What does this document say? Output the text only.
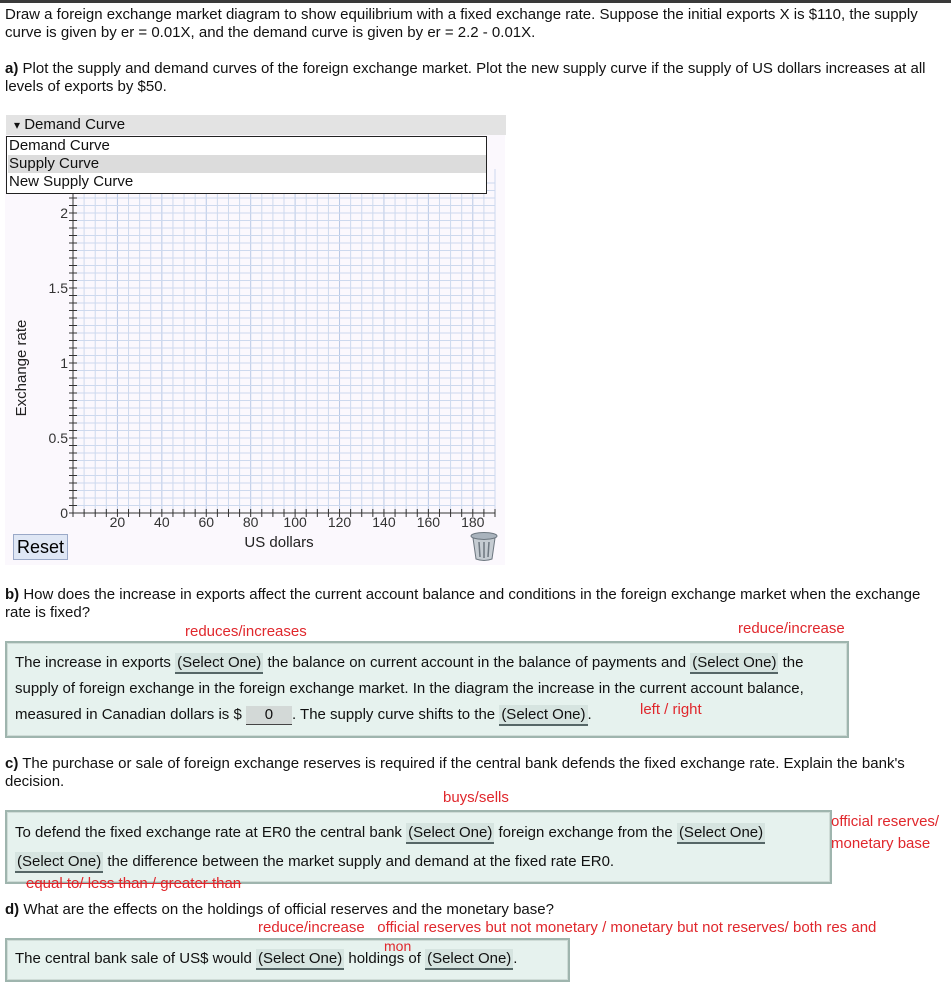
Draw a foreign exchange market diagram to show equilibrium with a fixed exchange rate. Suppose the initial exports X is $110, the supply curve is given by er = 0.01X, and the demand curve is given by er = 2.2 - 0.01X.
a) Plot the supply and demand curves of the foreign exchange market. Plot the new supply curve if the supply of US dollars increases at all levels of exports by $50.
20 40 60 80 100 120 140 160 180
0
0.5
1
1.5
2
US dollars
Exchange rate
▾ Demand Curve
Demand Curve
Supply Curve
New Supply Curve
Reset
b) How does the increase in exports affect the current account balance and conditions in the foreign exchange market when the exchange rate is fixed?
reduces/increases	reduce/increase
The increase in exports (Select One) the balance on current account in the balance of payments and (Select One) the supply of foreign exchange in the foreign exchange market. In the diagram the increase in the current account balance, measured in Canadian dollars is $ 0 . The supply curve shifts to the (Select One) .	left / right
c) The purchase or sale of foreign exchange reserves is required if the central bank defends the fixed exchange rate. Explain the bank's decision.
buys/sells
To defend the fixed exchange rate at ER0 the central bank (Select One) foreign exchange from the (Select One)
(Select One) the difference between the market supply and demand at the fixed rate ER0.
official reserves/
monetary base
equal to/ less than / greater than
d) What are the effects on the holdings of official reserves and the monetary base?
reduce/increase   official reserves but not monetary / monetary but not reserves/ both res and
The central bank sale of US$ would (Select One) holdings of (Select One) .
mon
